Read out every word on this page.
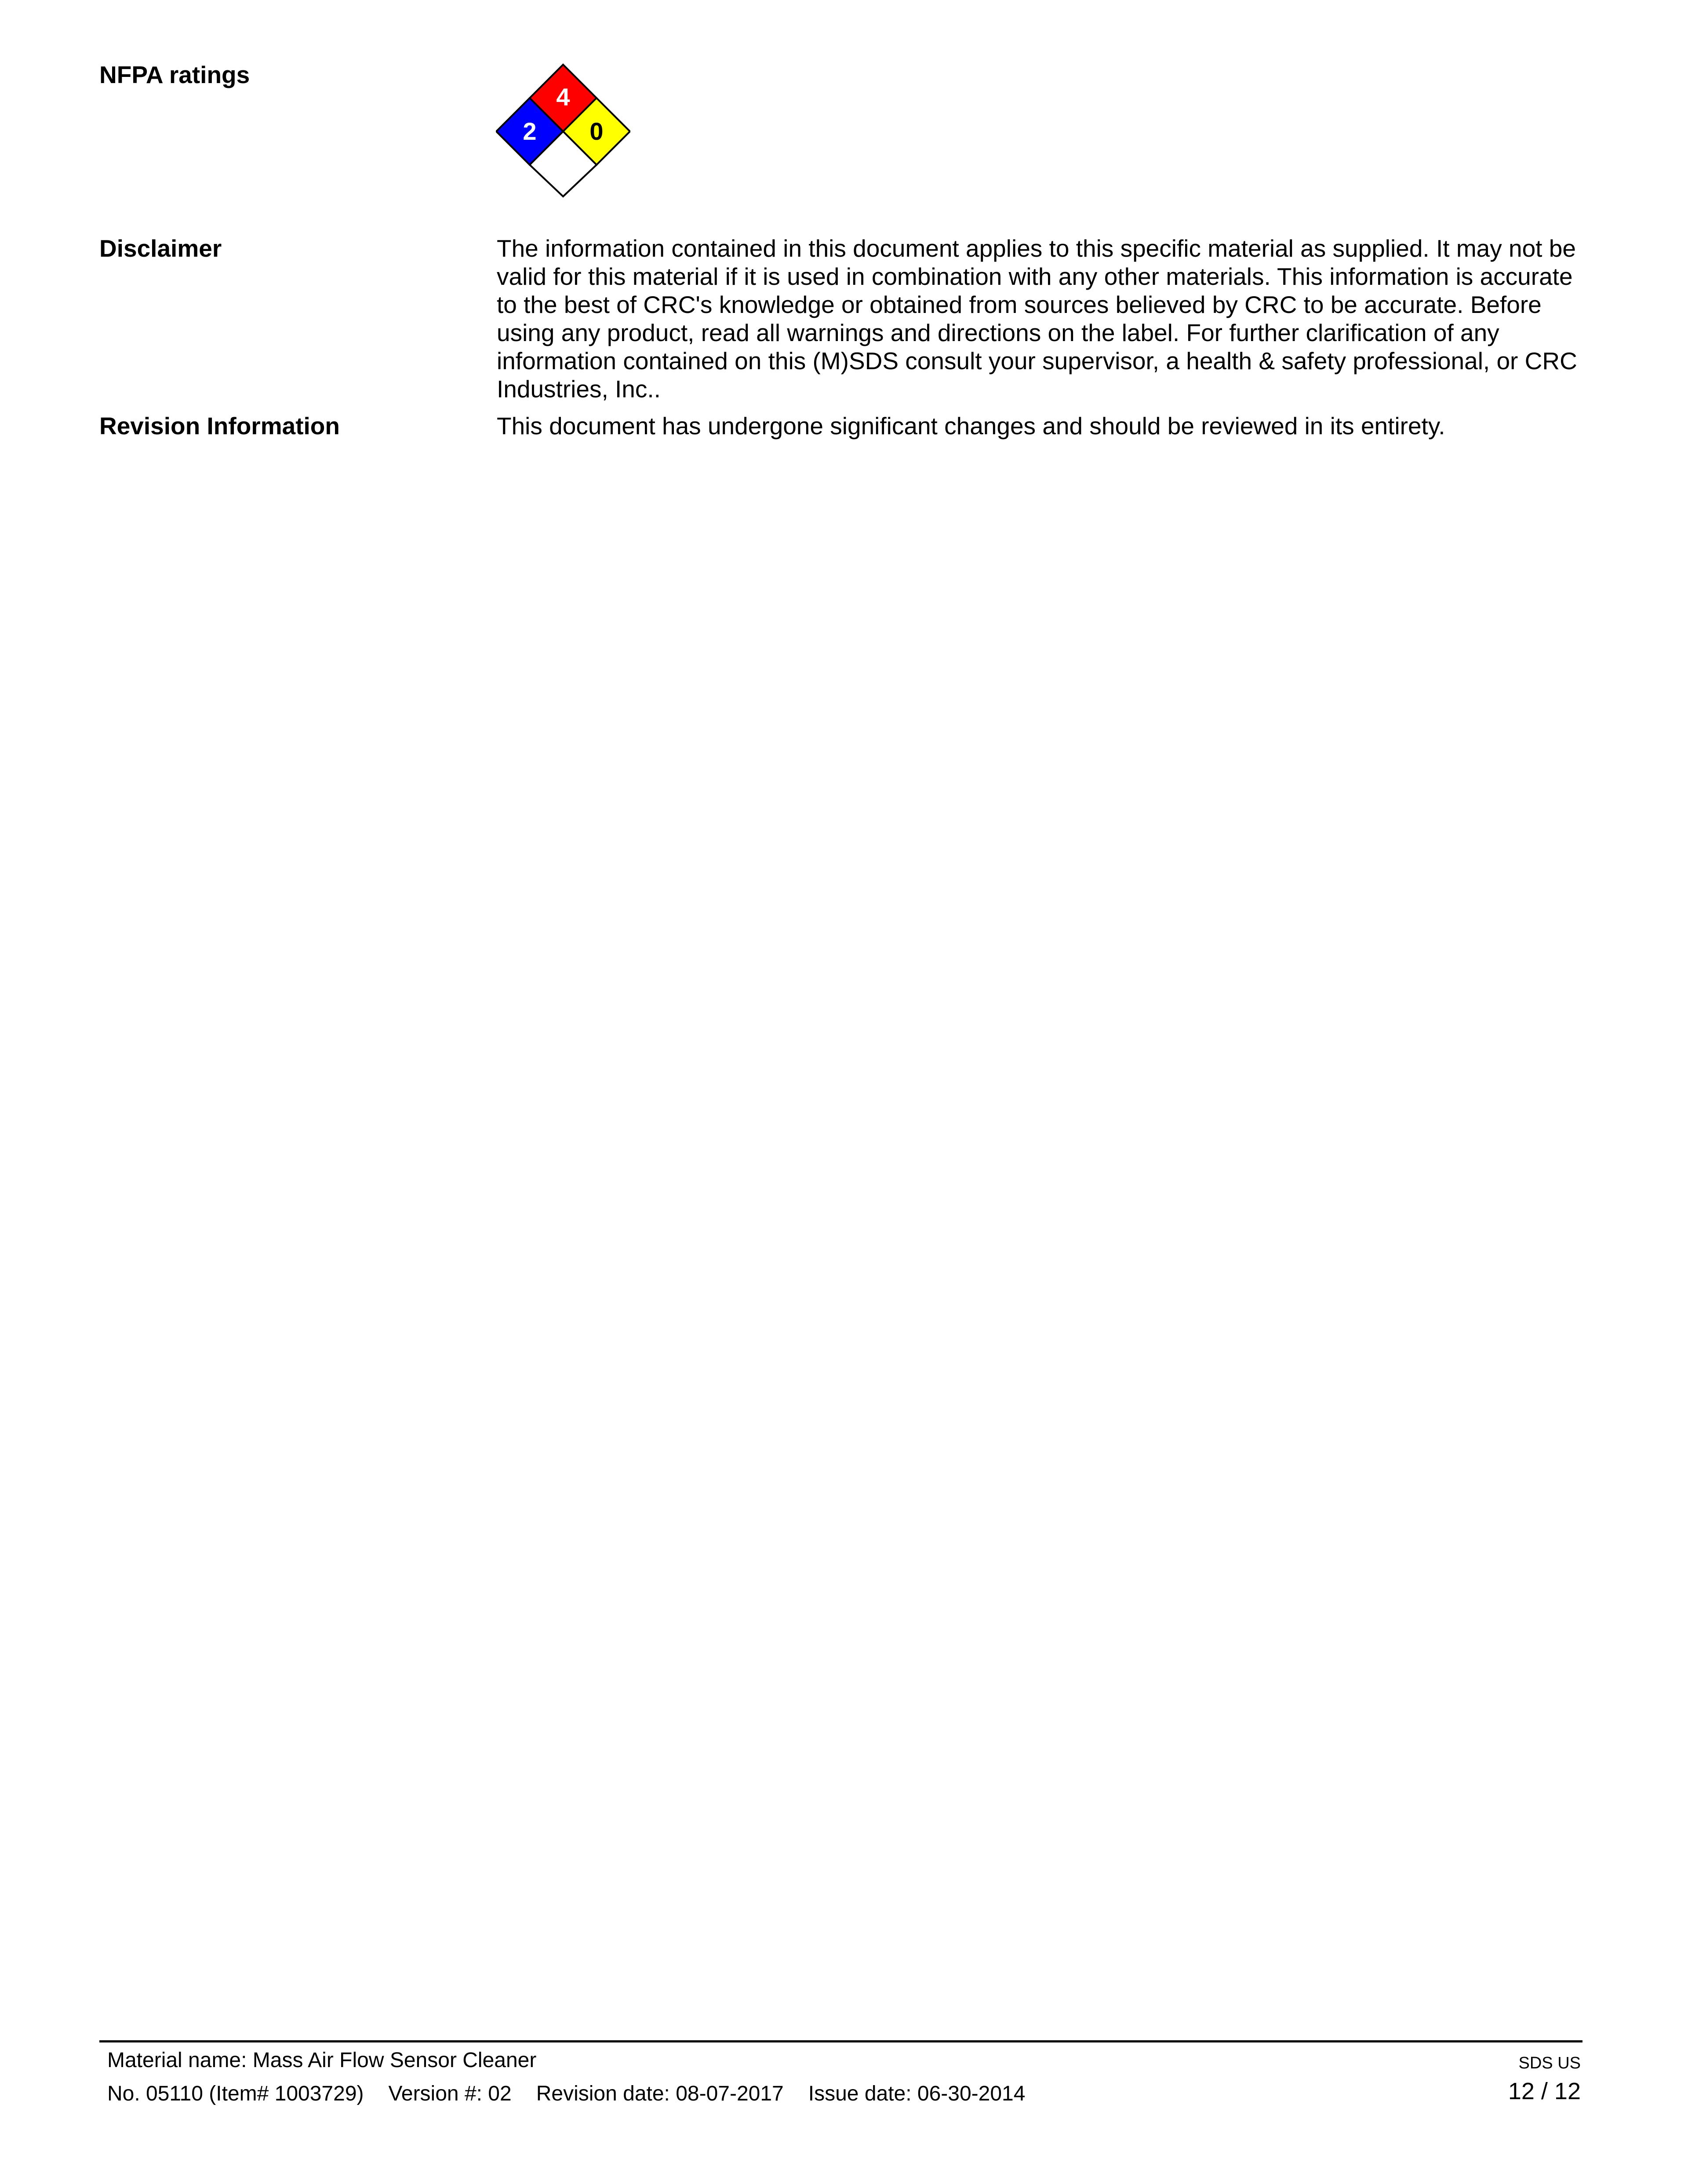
NFPA ratings
4
2 0
Disclaimer	The information contained in this document applies to this specific material as supplied. It may not be valid for this material if it is used in combination with any other materials. This information is accurate to the best of CRC's knowledge or obtained from sources believed by CRC to be accurate. Before using any product, read all warnings and directions on the label. For further clarification of any information contained on this (M)SDS consult your supervisor, a health & safety professional, or CRC Industries, Inc..
Revision Information	This document has undergone significant changes and should be reviewed in its entirety.
Material name: Mass Air Flow Sensor Cleaner
No. 05110 (Item# 1003729) Version #: 02 Revision date: 08-07-2017 Issue date: 06-30-2014
SDS US
12 / 12
